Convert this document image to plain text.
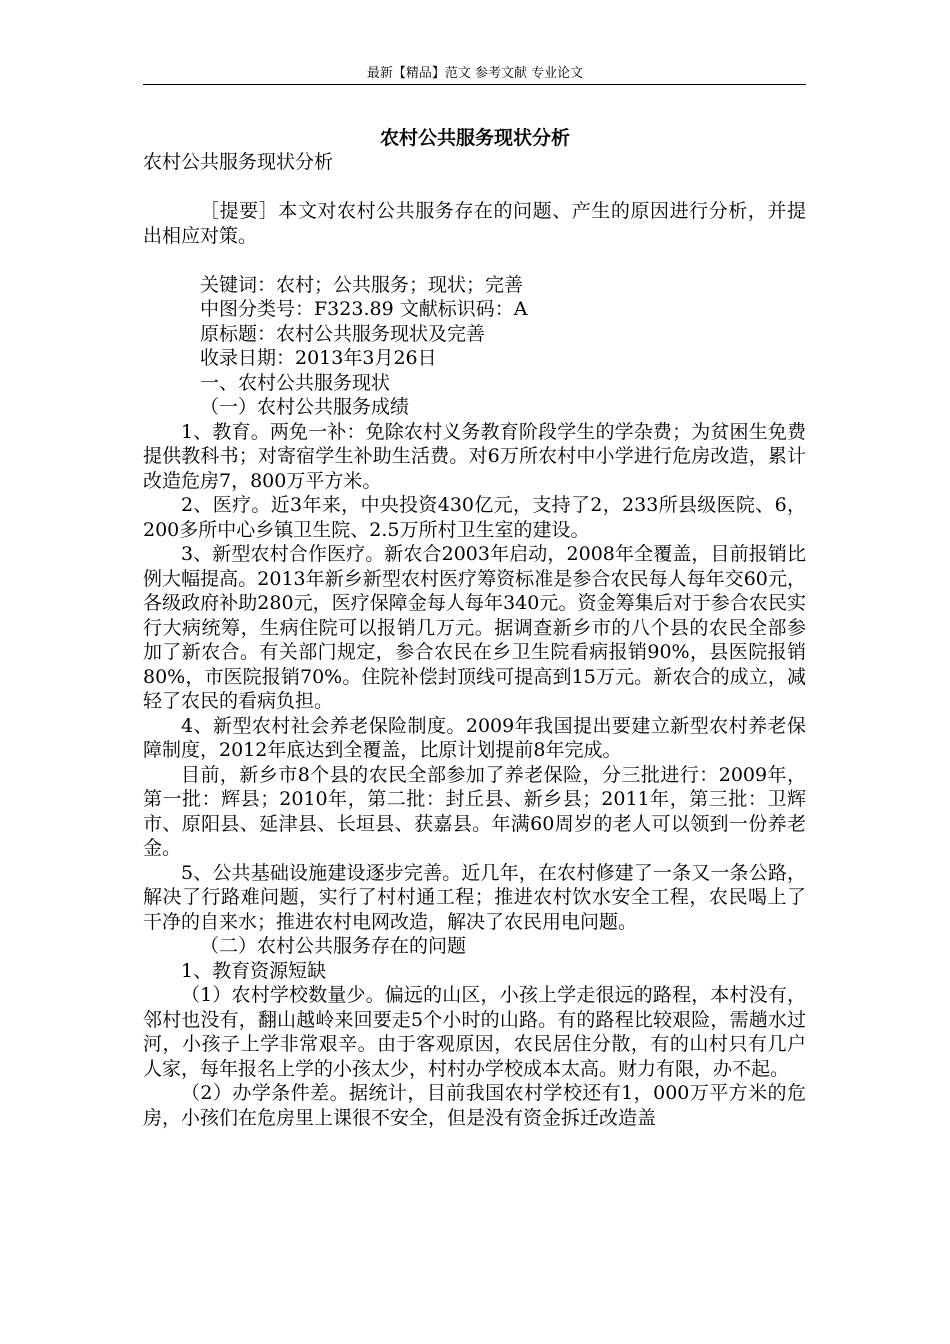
最新【精品】范文 参考文献 专业论文
农村公共服务现状分析

农村公共服务现状分析

［提要］本文对农村公共服务存在的问题、产生的原因进行分析，并提出相应对策。

关键词：农村；公共服务；现状；完善

中图分类号：F323.89 文献标识码：A

原标题：农村公共服务现状及完善

收录日期：2013年3月26日

一、农村公共服务现状

（一）农村公共服务成绩

1、教育。两免一补：免除农村义务教育阶段学生的学杂费；为贫困生免费提供教科书；对寄宿学生补助生活费。对6万所农村中小学进行危房改造，累计改造危房7，800万平方米。

2、医疗。近3年来，中央投资430亿元，支持了2，233所县级医院、6，200多所中心乡镇卫生院、2.5万所村卫生室的建设。

3、新型农村合作医疗。新农合2003年启动，2008年全覆盖，目前报销比例大幅提高。2013年新乡新型农村医疗筹资标准是参合农民每人每年交60元，各级政府补助280元，医疗保障金每人每年340元。资金筹集后对于参合农民实行大病统筹，生病住院可以报销几万元。据调查新乡市的八个县的农民全部参加了新农合。有关部门规定，参合农民在乡卫生院看病报销90%，县医院报销80%，市医院报销70%。住院补偿封顶线可提高到15万元。新农合的成立，减轻了农民的看病负担。

4、新型农村社会养老保险制度。2009年我国提出要建立新型农村养老保障制度，2012年底达到全覆盖，比原计划提前8年完成。

目前，新乡市8个县的农民全部参加了养老保险，分三批进行：2009年，第一批：辉县；2010年，第二批：封丘县、新乡县；2011年，第三批：卫辉市、原阳县、延津县、长垣县、获嘉县。年满60周岁的老人可以领到一份养老金。

5、公共基础设施建设逐步完善。近几年，在农村修建了一条又一条公路，解决了行路难问题，实行了村村通工程；推进农村饮水安全工程，农民喝上了干净的自来水；推进农村电网改造，解决了农民用电问题。

（二）农村公共服务存在的问题

1、教育资源短缺

（1）农村学校数量少。偏远的山区，小孩上学走很远的路程，本村没有，邻村也没有，翻山越岭来回要走5个小时的山路。有的路程比较艰险，需趟水过河，小孩子上学非常艰辛。由于客观原因，农民居住分散，有的山村只有几户人家，每年报名上学的小孩太少，村村办学校成本太高。财力有限，办不起。

（2）办学条件差。据统计，目前我国农村学校还有1，000万平方米的危房，小孩们在危房里上课很不安全，但是没有资金拆迁改造盖
